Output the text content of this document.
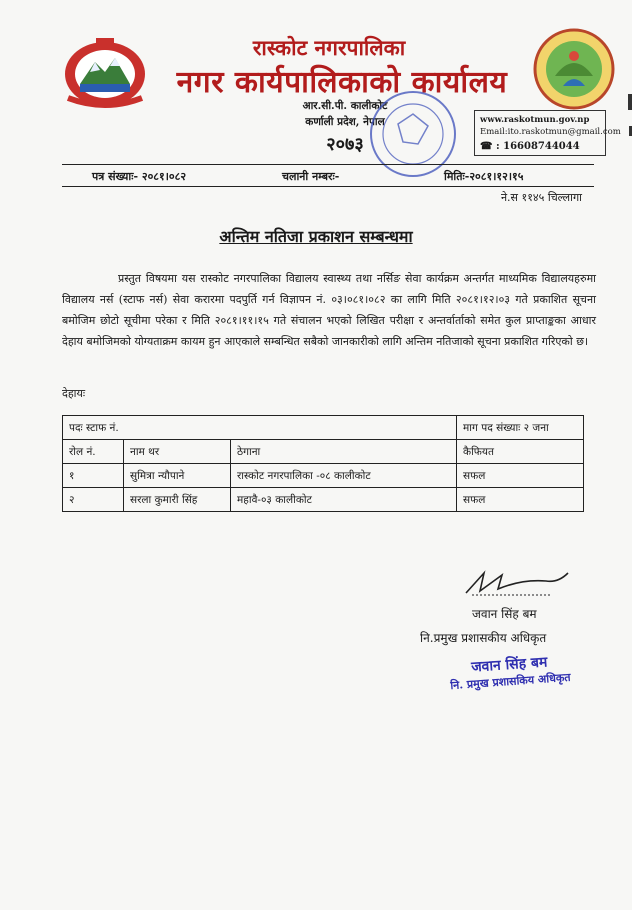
रास्कोट नगरपालिका
नगर कार्यपालिकाको कार्यालय
आर.सी.पी. कालीकोट
कर्णाली प्रदेश, नेपाल
२०७३
www.raskotmun.gov.np
Email:ito.raskotmun@gmail.com
☎ : 16608744044
पत्र संख्याः- २०८१।०८२	चलानी नम्बरः-	मितिः-२०८१।१२।१५
ने.स ११४५ चिल्लागा
अन्तिम नतिजा प्रकाशन सम्बन्धमा
प्रस्तुत विषयमा यस रास्कोट नगरपालिका विद्यालय स्वास्थ्य तथा नर्सिङ सेवा कार्यक्रम अन्तर्गत माध्यमिक विद्यालयहरुमा विद्यालय नर्स (स्टाफ नर्स) सेवा करारमा पदपुर्ति गर्न विज्ञापन नं. ०३।०८१।०८२ का लागि मिति २०८१।१२।०३ गते प्रकाशित सूचना बमोजिम छोटो सूचीमा परेका र मिति २०८१।११।१५ गते संचालन भएको लिखित परीक्षा र अन्तर्वार्ताको समेत कुल प्राप्ताङ्कका आधार देहाय बमोजिमको योग्यताक्रम कायम हुन आएकाले सम्बन्धित सबैको जानकारीको लागि अन्तिम नतिजाको सूचना प्रकाशित गरिएको छ।
देहायः
पदः स्टाफ नं.			माग पद संख्याः २ जना
रोल नं.	नाम थर	ठेगाना	कैफियत
१	सुमित्रा न्यौपाने	रास्कोट नगरपालिका -०८ कालीकोट	सफल
२	सरला कुमारी सिंह	महावै-०३ कालीकोट	सफल
जवान सिंह बम
नि.प्रमुख प्रशासकीय अधिकृत
जवान सिंह बम
नि. प्रमुख प्रशासकिय अधिकृत
